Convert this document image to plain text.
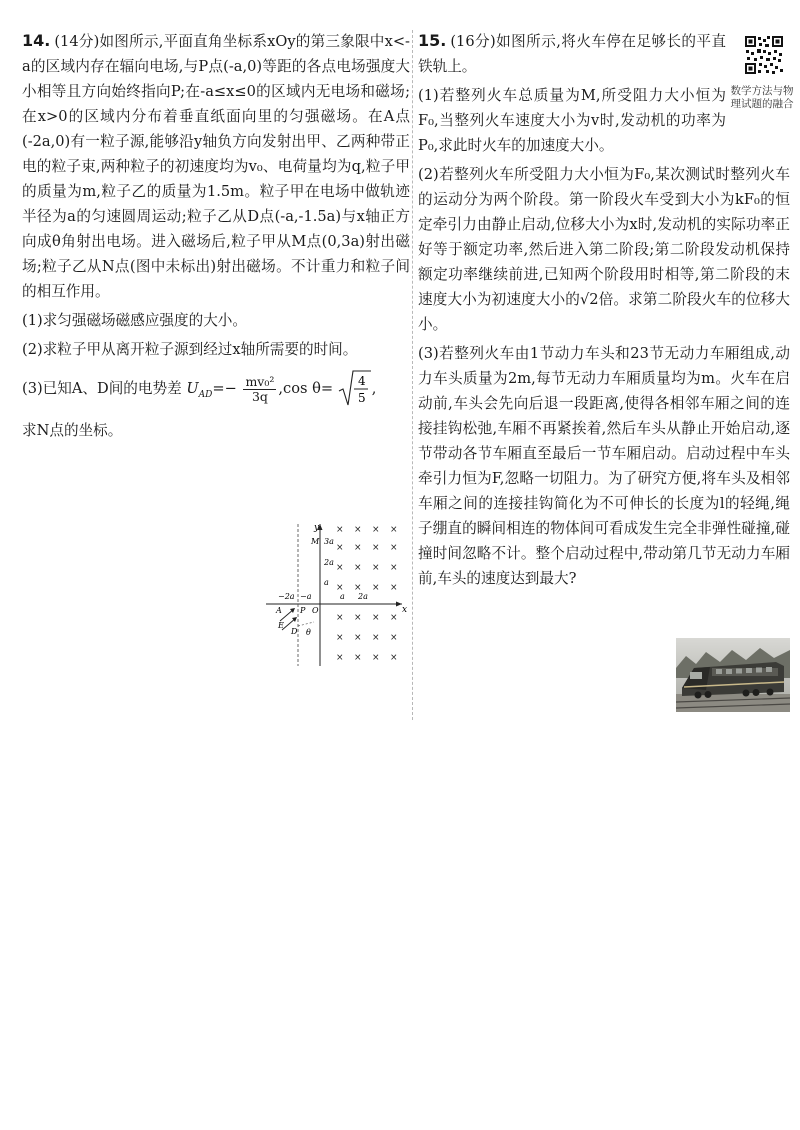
14. (14分)如图所示,平面直角坐标系xOy的第三象限中x<-a的区域内存在辐向电场,与P点(-a,0)等距的各点电场强度大小相等且方向始终指向P;在-a≤x≤0的区域内无电场和磁场;在x>0的区域内分布着垂直纸面向里的匀强磁场。在A点(-2a,0)有一粒子源,能够沿y轴负方向发射出甲、乙两种带正电的粒子束,两种粒子的初速度均为v₀、电荷量均为q,粒子甲的质量为m,粒子乙的质量为1.5m。粒子甲在电场中做轨迹半径为a的匀速圆周运动;粒子乙从D点(-a,-1.5a)与x轴正方向成θ角射出电场。进入磁场后,粒子甲从M点(0,3a)射出磁场;粒子乙从N点(图中未标出)射出磁场。不计重力和粒子间的相互作用。
(1)求匀强磁场磁感应强度的大小。
(2)求粒子甲从离开粒子源到经过x轴所需要的时间。
(3)已知A、D间的电势差 $U_{AD}=- \frac{\text{mv₀²}}{3q} ,\cos$ θ= 4
5
,
求N点的坐标。
y
x
M 3a
2a
a
−2a −a	a 2a
A P O
E
D θ
× × × ×
× × × ×
× × × ×
× × × ×
× × × ×
× × × ×
× × × ×
15. (16分)如图所示,将火车停在足够长的平直铁轨上。
(1)若整列火车总质量为M,所受阻力大小恒为F₀,当整列火车速度大小为v时,发动机的功率为P₀,求此时火车的加速度大小。
(2)若整列火车所受阻力大小恒为F₀,某次测试时整列火车的运动分为两个阶段。第一阶段火车受到大小为kF₀的恒定牵引力由静止启动,位移大小为x时,发动机的实际功率正好等于额定功率,然后进入第二阶段;第二阶段发动机保持额定功率继续前进,已知两个阶段用时相等,第二阶段的末速度大小为初速度大小的√2倍。求第二阶段火车的位移大小。
(3)若整列火车由1节动力车头和23节无动力车厢组成,动力车头质量为2m,每节无动力车厢质量均为m。火车在启动前,车头会先向后退一段距离,使得各相邻车厢之间的连接挂钩松弛,车厢不再紧挨着,然后车头从静止开始启动,逐节带动各节车厢直至最后一节车厢启动。启动过程中车头牵引力恒为F,忽略一切阻力。为了研究方便,将车头及相邻车厢之间的连接挂钩简化为不可伸长的长度为l的轻绳,绳子绷直的瞬间相连的物体间可看成发生完全非弹性碰撞,碰撞时间忽略不计。整个启动过程中,带动第几节无动力车厢前,车头的速度达到最大?
数学方法与物理试题的融合
